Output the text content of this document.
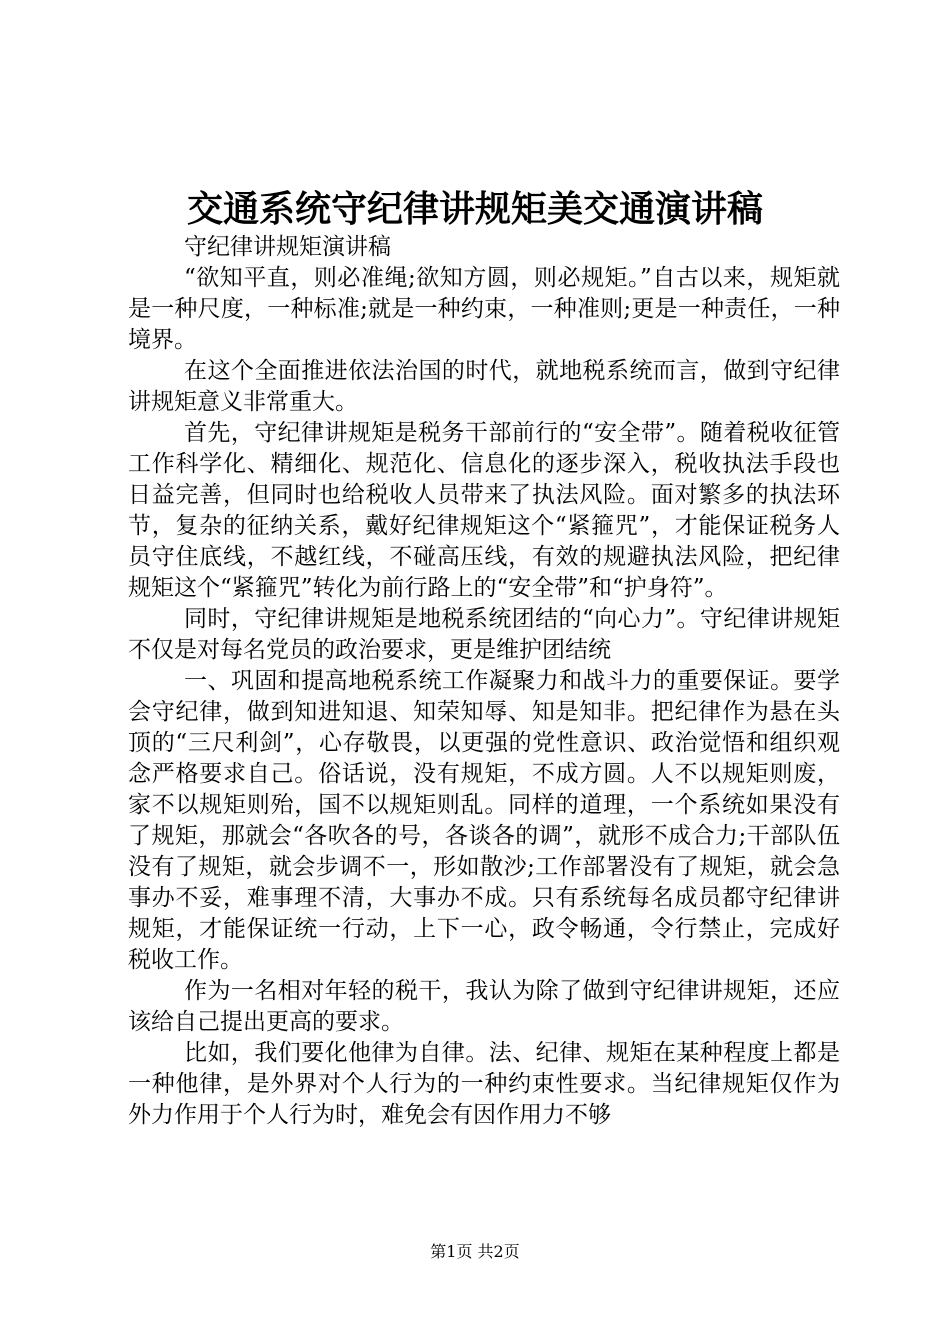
交通系统守纪律讲规矩美交通演讲稿

守纪律讲规矩演讲稿

“欲知平直，则必准绳;欲知方圆，则必规矩。”自古以来，规矩就是一种尺度，一种标准;就是一种约束，一种准则;更是一种责任，一种境界。

在这个全面推进依法治国的时代，就地税系统而言，做到守纪律讲规矩意义非常重大。

首先，守纪律讲规矩是税务干部前行的“安全带”。随着税收征管工作科学化、精细化、规范化、信息化的逐步深入，税收执法手段也日益完善，但同时也给税收人员带来了执法风险。面对繁多的执法环节，复杂的征纳关系，戴好纪律规矩这个“紧箍咒”，才能保证税务人员守住底线，不越红线，不碰高压线，有效的规避执法风险，把纪律规矩这个“紧箍咒”转化为前行路上的“安全带”和“护身符”。

同时，守纪律讲规矩是地税系统团结的“向心力”。守纪律讲规矩不仅是对每名党员的政治要求，更是维护团结统

一、巩固和提高地税系统工作凝聚力和战斗力的重要保证。要学会守纪律，做到知进知退、知荣知辱、知是知非。把纪律作为悬在头顶的“三尺利剑”，心存敬畏，以更强的党性意识、政治觉悟和组织观念严格要求自己。俗话说，没有规矩，不成方圆。人不以规矩则废，家不以规矩则殆，国不以规矩则乱。同样的道理，一个系统如果没有了规矩，那就会“各吹各的号，各谈各的调”，就形不成合力;干部队伍没有了规矩，就会步调不一，形如散沙;工作部署没有了规矩，就会急事办不妥，难事理不清，大事办不成。只有系统每名成员都守纪律讲规矩，才能保证统一行动，上下一心，政令畅通，令行禁止，完成好税收工作。

作为一名相对年轻的税干，我认为除了做到守纪律讲规矩，还应该给自己提出更高的要求。

比如，我们要化他律为自律。法、纪律、规矩在某种程度上都是一种他律，是外界对个人行为的一种约束性要求。当纪律规矩仅作为外力作用于个人行为时，难免会有因作用力不够

第1页 共2页
